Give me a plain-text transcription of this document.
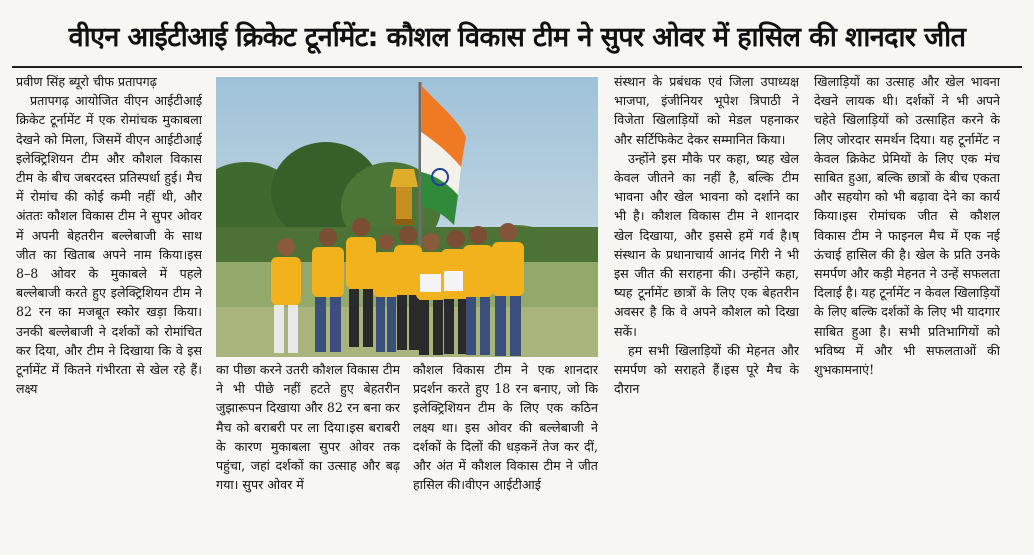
वीएन आईटीआई क्रिकेट टूर्नामेंट: कौशल विकास टीम ने सुपर ओवर में हासिल की शानदार जीत

प्रवीण सिंह ब्यूरो चीफ प्रतापगढ़

प्रतापगढ़ आयोजित वीएन आईटीआई क्रिकेट टूर्नामेंट में एक रोमांचक मुकाबला देखने को मिला, जिसमें वीएन आईटीआई इलेक्ट्रिशियन टीम और कौशल विकास टीम के बीच जबरदस्त प्रतिस्पर्धा हुई। मैच में रोमांच की कोई कमी नहीं थी, और अंततः कौशल विकास टीम ने सुपर ओवर में अपनी बेहतरीन बल्लेबाजी के साथ जीत का खिताब अपने नाम किया।इस 8–8 ओवर के मुकाबले में पहले बल्लेबाजी करते हुए इलेक्ट्रिशियन टीम ने 82 रन का मजबूत स्कोर खड़ा किया। उनकी बल्लेबाजी ने दर्शकों को रोमांचित कर दिया, और टीम ने दिखाया कि वे इस टूर्नामेंट में कितने गंभीरता से खेल रहे हैं। लक्ष्य

का पीछा करने उतरी कौशल विकास टीम ने भी पीछे नहीं हटते हुए बेहतरीन जुझारूपन दिखाया और 82 रन बना कर मैच को बराबरी पर ला दिया।इस बराबरी के कारण मुकाबला सुपर ओवर तक पहुंचा, जहां दर्शकों का उत्साह और बढ़ गया। सुपर ओवर में

कौशल विकास टीम ने एक शानदार प्रदर्शन करते हुए 18 रन बनाए, जो कि इलेक्ट्रिशियन टीम के लिए एक कठिन लक्ष्य था। इस ओवर की बल्लेबाजी ने दर्शकों के दिलों की धड़कनें तेज कर दीं, और अंत में कौशल विकास टीम ने जीत हासिल की।वीएन आईटीआई

संस्थान के प्रबंधक एवं जिला उपाध्यक्ष भाजपा, इंजीनियर भूपेश त्रिपाठी ने विजेता खिलाड़ियों को मेडल पहनाकर और सर्टिफिकेट देकर सम्मानित किया।

उन्होंने इस मौके पर कहा, ष्यह खेल केवल जीतने का नहीं है, बल्कि टीम भावना और खेल भावना को दर्शाने का भी है। कौशल विकास टीम ने शानदार खेल दिखाया, और इससे हमें गर्व है।ष् संस्थान के प्रधानाचार्य आनंद गिरी ने भी इस जीत की सराहना की। उन्होंने कहा, ष्यह टूर्नामेंट छात्रों के लिए एक बेहतरीन अवसर है कि वे अपने कौशल को दिखा सकें।

हम सभी खिलाड़ियों की मेहनत और समर्पण को सराहते हैं।इस पूरे मैच के दौरान

खिलाड़ियों का उत्साह और खेल भावना देखने लायक थी। दर्शकों ने भी अपने चहेते खिलाड़ियों को उत्साहित करने के लिए जोरदार समर्थन दिया। यह टूर्नामेंट न केवल क्रिकेट प्रेमियों के लिए एक मंच साबित हुआ, बल्कि छात्रों के बीच एकता और सहयोग को भी बढ़ावा देने का कार्य किया।इस रोमांचक जीत से कौशल विकास टीम ने फाइनल मैच में एक नई ऊंचाई हासिल की है। खेल के प्रति उनके समर्पण और कड़ी मेहनत ने उन्हें सफलता दिलाई है। यह टूर्नामेंट न केवल खिलाड़ियों के लिए बल्कि दर्शकों के लिए भी यादगार साबित हुआ है। सभी प्रतिभागियों को भविष्य में और भी सफलताओं की शुभकामनाएं!
